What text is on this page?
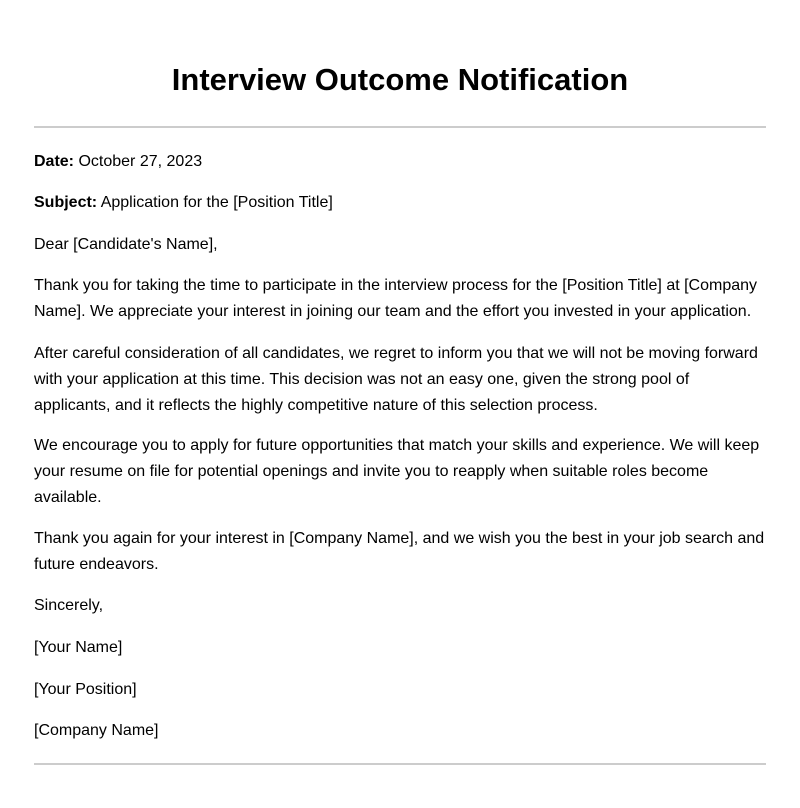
Interview Outcome Notification

Date: October 27, 2023

Subject: Application for the [Position Title]

Dear [Candidate's Name],

Thank you for taking the time to participate in the interview process for the [Position Title] at [Company Name]. We appreciate your interest in joining our team and the effort you invested in your application.

After careful consideration of all candidates, we regret to inform you that we will not be moving forward with your application at this time. This decision was not an easy one, given the strong pool of applicants, and it reflects the highly competitive nature of this selection process.

We encourage you to apply for future opportunities that match your skills and experience. We will keep your resume on file for potential openings and invite you to reapply when suitable roles become available.

Thank you again for your interest in [Company Name], and we wish you the best in your job search and future endeavors.

Sincerely,

[Your Name]

[Your Position]

[Company Name]
